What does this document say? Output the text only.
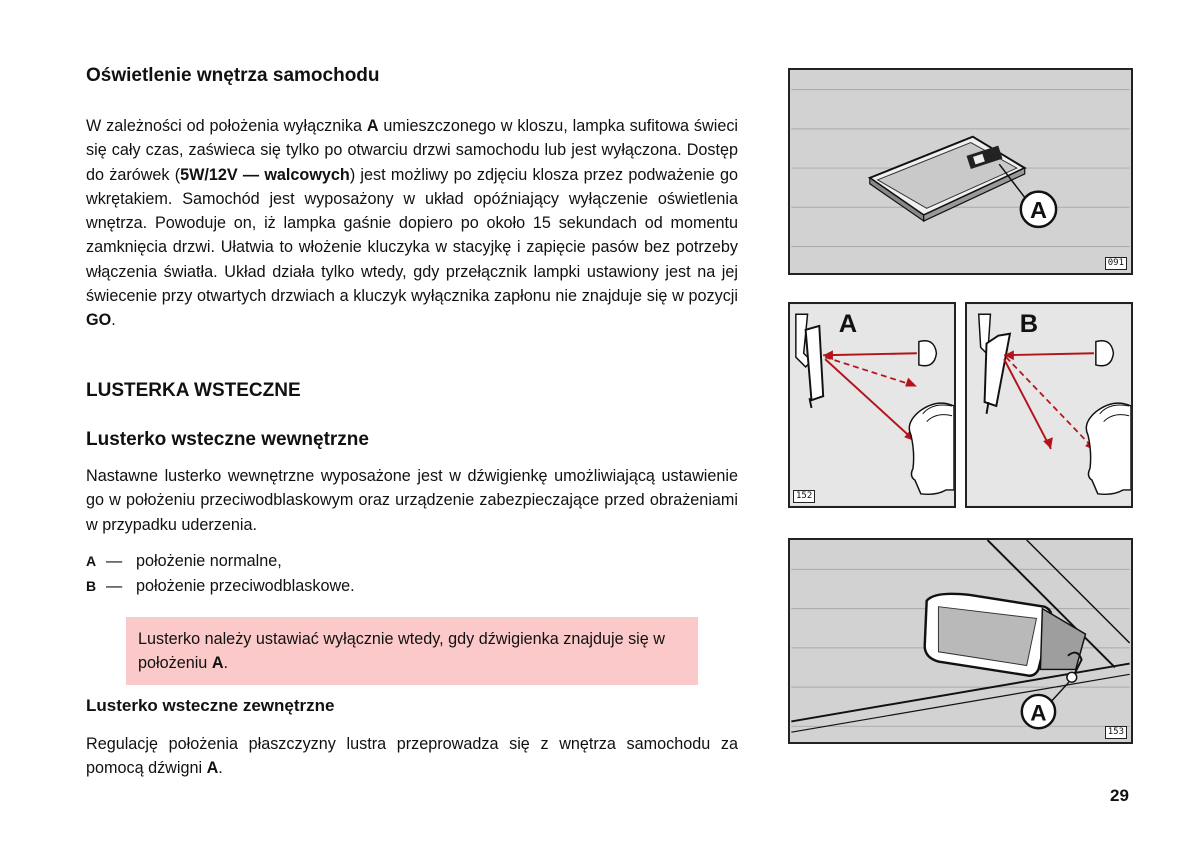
Oświetlenie wnętrza samochodu

W zależności od położenia wyłącznika A umieszczonego w kloszu, lampka sufitowa świeci się cały czas, zaświeca się tylko po otwarciu drzwi samochodu lub jest wyłączona. Dostęp do żarówek (5W/12V — walcowych) jest możliwy po zdjęciu klosza przez podważenie go wkrętakiem. Samochód jest wyposażony w układ opóźniający wyłączenie oświetlenia wnętrza. Powoduje on, iż lampka gaśnie dopiero po około 15 sekundach od momentu zamknięcia drzwi. Ułatwia to włożenie kluczyka w stacyjkę i zapięcie pasów bez potrzeby włączenia światła. Układ działa tylko wtedy, gdy przełącznik lampki ustawiony jest na jej świecenie przy otwartych drzwiach a kluczyk wyłącznika zapłonu nie znajduje się w pozycji GO.

LUSTERKA WSTECZNE
Lusterko wsteczne wewnętrzne

Nastawne lusterko wewnętrzne wyposażone jest w dźwigienkę umożliwiającą ustawienie go w położeniu przeciwodblaskowym oraz urządzenie zabezpieczające przed obrażeniami w przypadku uderzenia.

A — położenie normalne,
B — położenie przeciwodblaskowe.
Lusterko należy ustawiać wyłącznie wtedy, gdy dźwigienka znajduje się w położeniu A.
Lusterko wsteczne zewnętrzne

Regulację położenia płaszczyzny lustra przeprowadza się z wnętrza samochodu za pomocą dźwigni A.

A
091
A
152
B
A
153
29
